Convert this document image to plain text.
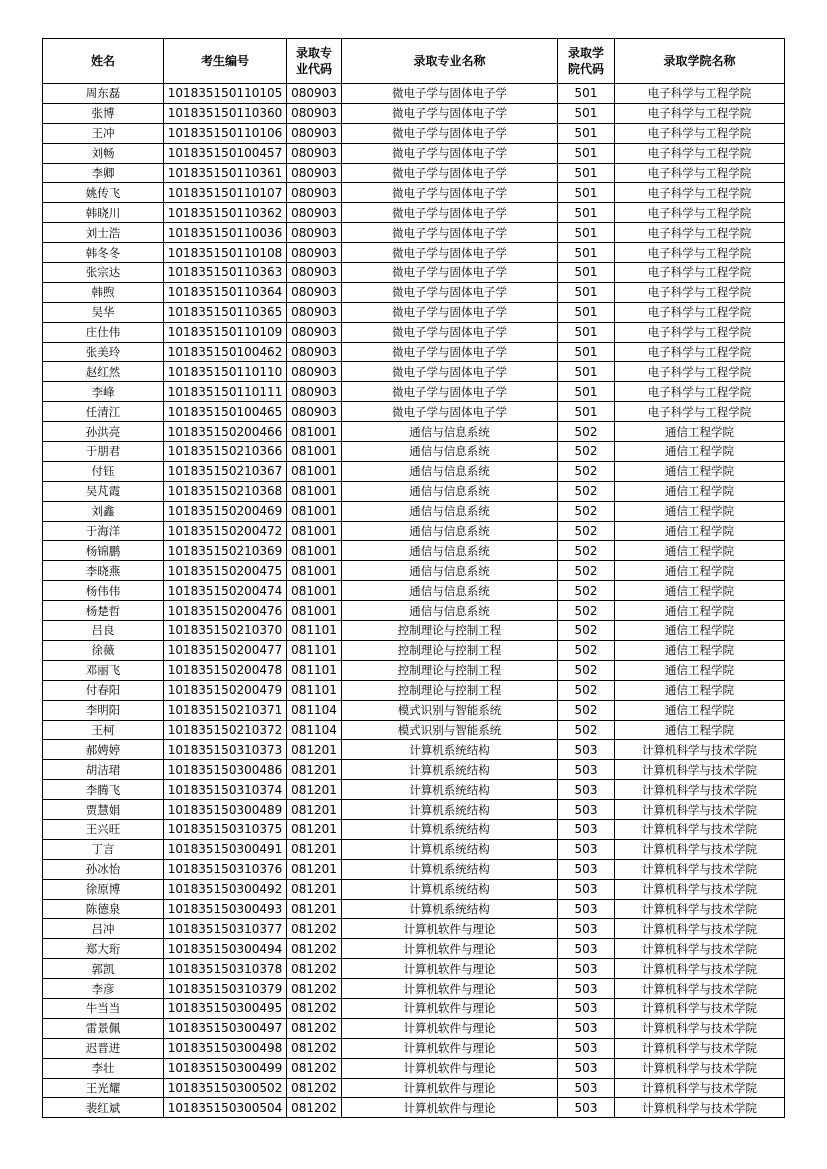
姓名	考生编号	录取专业代码	录取专业名称	录取学院代码	录取学院名称
周东磊	101835150110105	080903	微电子学与固体电子学	501	电子科学与工程学院
张博	101835150110360	080903	微电子学与固体电子学	501	电子科学与工程学院
王冲	101835150110106	080903	微电子学与固体电子学	501	电子科学与工程学院
刘畅	101835150100457	080903	微电子学与固体电子学	501	电子科学与工程学院
李卿	101835150110361	080903	微电子学与固体电子学	501	电子科学与工程学院
姚传飞	101835150110107	080903	微电子学与固体电子学	501	电子科学与工程学院
韩晓川	101835150110362	080903	微电子学与固体电子学	501	电子科学与工程学院
刘士浩	101835150110036	080903	微电子学与固体电子学	501	电子科学与工程学院
韩冬冬	101835150110108	080903	微电子学与固体电子学	501	电子科学与工程学院
张宗达	101835150110363	080903	微电子学与固体电子学	501	电子科学与工程学院
韩煦	101835150110364	080903	微电子学与固体电子学	501	电子科学与工程学院
吴华	101835150110365	080903	微电子学与固体电子学	501	电子科学与工程学院
庄仕伟	101835150110109	080903	微电子学与固体电子学	501	电子科学与工程学院
张美玲	101835150100462	080903	微电子学与固体电子学	501	电子科学与工程学院
赵红然	101835150110110	080903	微电子学与固体电子学	501	电子科学与工程学院
李峰	101835150110111	080903	微电子学与固体电子学	501	电子科学与工程学院
任清江	101835150100465	080903	微电子学与固体电子学	501	电子科学与工程学院
孙洪亮	101835150200466	081001	通信与信息系统	502	通信工程学院
于朋君	101835150210366	081001	通信与信息系统	502	通信工程学院
付钰	101835150210367	081001	通信与信息系统	502	通信工程学院
吴芃霞	101835150210368	081001	通信与信息系统	502	通信工程学院
刘鑫	101835150200469	081001	通信与信息系统	502	通信工程学院
于海洋	101835150200472	081001	通信与信息系统	502	通信工程学院
杨锦鹏	101835150210369	081001	通信与信息系统	502	通信工程学院
李晓燕	101835150200475	081001	通信与信息系统	502	通信工程学院
杨伟伟	101835150200474	081001	通信与信息系统	502	通信工程学院
杨楚哲	101835150200476	081001	通信与信息系统	502	通信工程学院
吕良	101835150210370	081101	控制理论与控制工程	502	通信工程学院
徐薇	101835150200477	081101	控制理论与控制工程	502	通信工程学院
邓丽飞	101835150200478	081101	控制理论与控制工程	502	通信工程学院
付春阳	101835150200479	081101	控制理论与控制工程	502	通信工程学院
李明阳	101835150210371	081104	模式识别与智能系统	502	通信工程学院
王柯	101835150210372	081104	模式识别与智能系统	502	通信工程学院
郝娉婷	101835150310373	081201	计算机系统结构	503	计算机科学与技术学院
胡洁珺	101835150300486	081201	计算机系统结构	503	计算机科学与技术学院
李腾飞	101835150310374	081201	计算机系统结构	503	计算机科学与技术学院
贾慧娟	101835150300489	081201	计算机系统结构	503	计算机科学与技术学院
王兴旺	101835150310375	081201	计算机系统结构	503	计算机科学与技术学院
丁言	101835150300491	081201	计算机系统结构	503	计算机科学与技术学院
孙冰怡	101835150310376	081201	计算机系统结构	503	计算机科学与技术学院
徐原博	101835150300492	081201	计算机系统结构	503	计算机科学与技术学院
陈德泉	101835150300493	081201	计算机系统结构	503	计算机科学与技术学院
吕冲	101835150310377	081202	计算机软件与理论	503	计算机科学与技术学院
郑大珩	101835150300494	081202	计算机软件与理论	503	计算机科学与技术学院
郭凯	101835150310378	081202	计算机软件与理论	503	计算机科学与技术学院
李彦	101835150310379	081202	计算机软件与理论	503	计算机科学与技术学院
牛当当	101835150300495	081202	计算机软件与理论	503	计算机科学与技术学院
雷景佩	101835150300497	081202	计算机软件与理论	503	计算机科学与技术学院
迟晋进	101835150300498	081202	计算机软件与理论	503	计算机科学与技术学院
李壮	101835150300499	081202	计算机软件与理论	503	计算机科学与技术学院
王光耀	101835150300502	081202	计算机软件与理论	503	计算机科学与技术学院
裴红斌	101835150300504	081202	计算机软件与理论	503	计算机科学与技术学院
